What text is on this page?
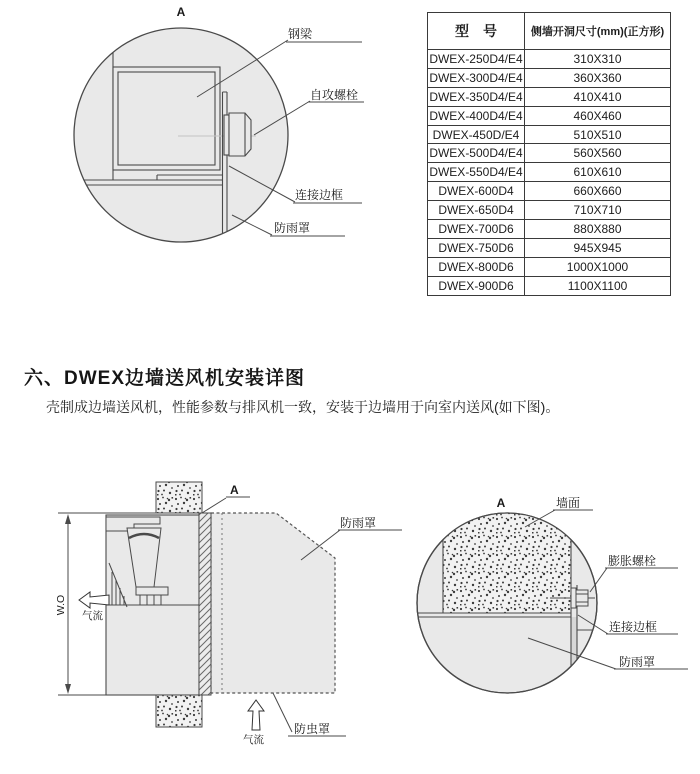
A
钢梁
自攻螺栓
连接边框
防雨罩
型　号	侧墙开洞尺寸(mm)(正方形)
DWEX-250D4/E4	310X310
DWEX-300D4/E4	360X360
DWEX-350D4/E4	410X410
DWEX-400D4/E4	460X460
DWEX-450D/E4	510X510
DWEX-500D4/E4	560X560
DWEX-550D4/E4	610X610
DWEX-600D4	660X660
DWEX-650D4	710X710
DWEX-700D6	880X880
DWEX-750D6	945X945
DWEX-800D6	1000X1000
DWEX-900D6	1100X1100
六、DWEX边墙送风机安装详图
壳制成边墙送风机，性能参数与排风机一致，安装于边墙用于向室内送风(如下图)。
W.O
气流
气流
A
防雨罩
防虫罩
A	墙面
膨胀螺栓
连接边框
防雨罩
